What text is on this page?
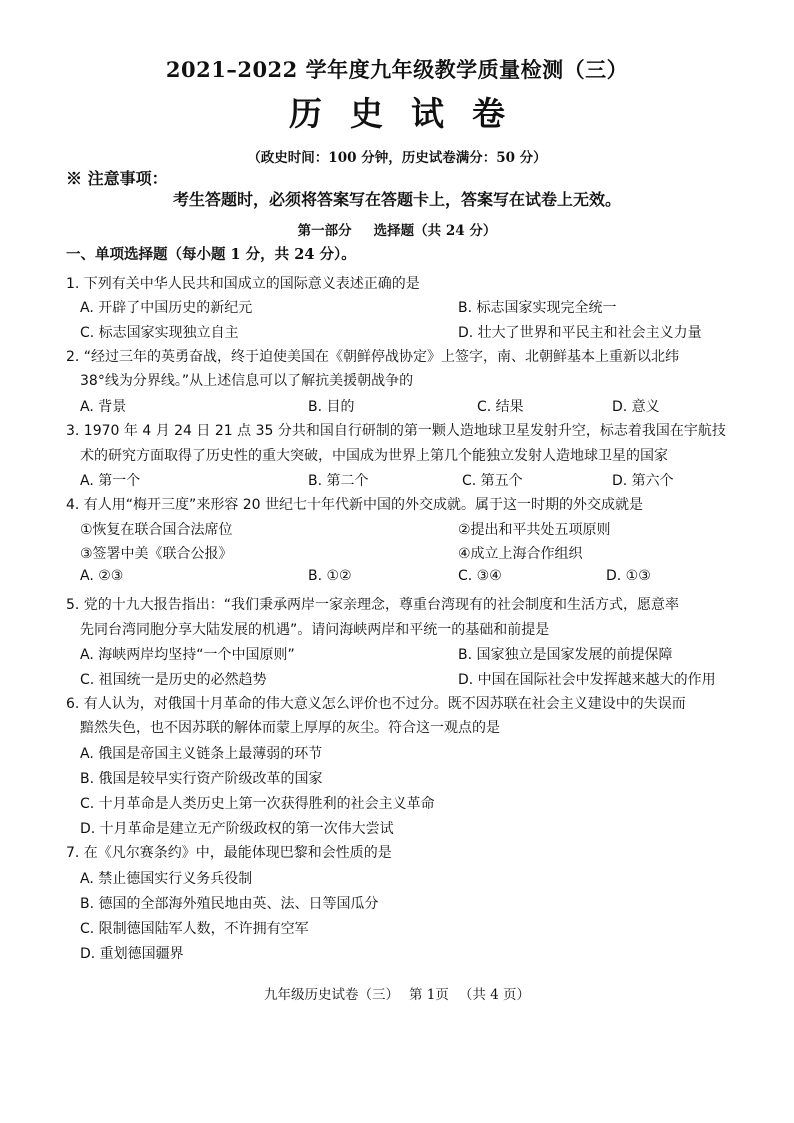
2021–2022 学年度九年级教学质量检测（三）
历史试卷
（政史时间：100 分钟，历史试卷满分：50 分）
※ 注意事项：
考生答题时，必须将答案写在答题卡上，答案写在试卷上无效。
第一部分 选择题（共 24 分）
一、单项选择题（每小题 1 分，共 24 分）。
1. 下列有关中华人民共和国成立的国际意义表述正确的是
A. 开辟了中国历史的新纪元	B. 标志国家实现完全统一
C. 标志国家实现独立自主	D. 壮大了世界和平民主和社会主义力量
2. “经过三年的英勇奋战，终于迫使美国在《朝鲜停战协定》上签字，南、北朝鲜基本上重新以北纬
38°线为分界线。”从上述信息可以了解抗美援朝战争的
A. 背景	B. 目的	C. 结果	D. 意义
3. 1970 年 4 月 24 日 21 点 35 分共和国自行研制的第一颗人造地球卫星发射升空，标志着我国在宇航技
术的研究方面取得了历史性的重大突破，中国成为世界上第几个能独立发射人造地球卫星的国家
A. 第一个	B. 第二个	C. 第五个	D. 第六个
4. 有人用“梅开三度”来形容 20 世纪七十年代新中国的外交成就。属于这一时期的外交成就是
①恢复在联合国合法席位	②提出和平共处五项原则
③签署中美《联合公报》	④成立上海合作组织
A. ②③	B. ①②	C. ③④	D. ①③
5. 党的十九大报告指出：“我们秉承两岸一家亲理念，尊重台湾现有的社会制度和生活方式，愿意率
先同台湾同胞分享大陆发展的机遇”。请问海峡两岸和平统一的基础和前提是
A. 海峡两岸均坚持“一个中国原则”	B. 国家独立是国家发展的前提保障
C. 祖国统一是历史的必然趋势	D. 中国在国际社会中发挥越来越大的作用
6. 有人认为，对俄国十月革命的伟大意义怎么评价也不过分。既不因苏联在社会主义建设中的失误而
黯然失色，也不因苏联的解体而蒙上厚厚的灰尘。符合这一观点的是
A. 俄国是帝国主义链条上最薄弱的环节
B. 俄国是较早实行资产阶级改革的国家
C. 十月革命是人类历史上第一次获得胜利的社会主义革命
D. 十月革命是建立无产阶级政权的第一次伟大尝试
7. 在《凡尔赛条约》中，最能体现巴黎和会性质的是
A. 禁止德国实行义务兵役制
B. 德国的全部海外殖民地由英、法、日等国瓜分
C. 限制德国陆军人数，不许拥有空军
D. 重划德国疆界
九年级历史试卷（三） 第 1页 （共 4 页）
